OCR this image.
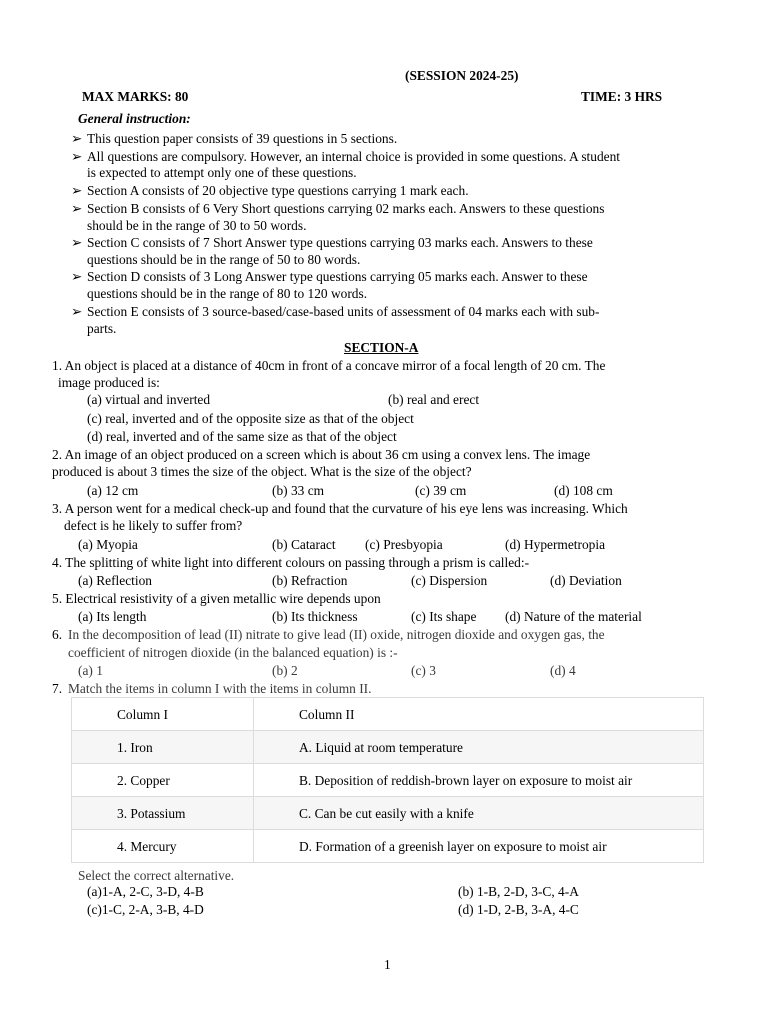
(SESSION 2024-25)
MAX MARKS: 80	TIME: 3 HRS
General instruction:
➢ This question paper consists of 39 questions in 5 sections.
➢ All questions are compulsory. However, an internal choice is provided in some questions. A student
is expected to attempt only one of these questions.
➢ Section A consists of 20 objective type questions carrying 1 mark each.
➢ Section B consists of 6 Very Short questions carrying 02 marks each. Answers to these questions
should be in the range of 30 to 50 words.
➢ Section C consists of 7 Short Answer type questions carrying 03 marks each. Answers to these
questions should be in the range of 50 to 80 words.
➢ Section D consists of 3 Long Answer type questions carrying 05 marks each. Answer to these
questions should be in the range of 80 to 120 words.
➢ Section E consists of 3 source-based/case-based units of assessment of 04 marks each with sub-
parts.
SECTION-A
1. An object is placed at a distance of 40cm in front of a concave mirror of a focal length of 20 cm. The
image produced is:
(a) virtual and inverted	(b) real and erect
(c) real, inverted and of the opposite size as that of the object
(d) real, inverted and of the same size as that of the object
2. An image of an object produced on a screen which is about 36 cm using a convex lens. The image
produced is about 3 times the size of the object. What is the size of the object?
(a) 12 cm	(b) 33 cm	(c) 39 cm	(d) 108 cm
3. A person went for a medical check-up and found that the curvature of his eye lens was increasing. Which
defect is he likely to suffer from?
(a) Myopia	(b) Cataract (c) Presbyopia	(d) Hypermetropia
4. The splitting of white light into different colours on passing through a prism is called:-
(a) Reflection	(b) Refraction	(c) Dispersion	(d) Deviation
5. Electrical resistivity of a given metallic wire depends upon
(a) Its length	(b) Its thickness	(c) Its shape (d) Nature of the material
6. In the decomposition of lead (II) nitrate to give lead (II) oxide, nitrogen dioxide and oxygen gas, the
coefficient of nitrogen dioxide (in the balanced equation) is :-
(a) 1	(b) 2	(c) 3	(d) 4
7. Match the items in column I with the items in column II.
Column I	Column II
1. Iron	A. Liquid at room temperature
2. Copper	B. Deposition of reddish-brown layer on exposure to moist air
3. Potassium	C. Can be cut easily with a knife
4. Mercury	D. Formation of a greenish layer on exposure to moist air
Select the correct alternative.
(a)1-A, 2-C, 3-D, 4-B	(b) 1-B, 2-D, 3-C, 4-A
(c)1-C, 2-A, 3-B, 4-D	(d) 1-D, 2-B, 3-A, 4-C
1
